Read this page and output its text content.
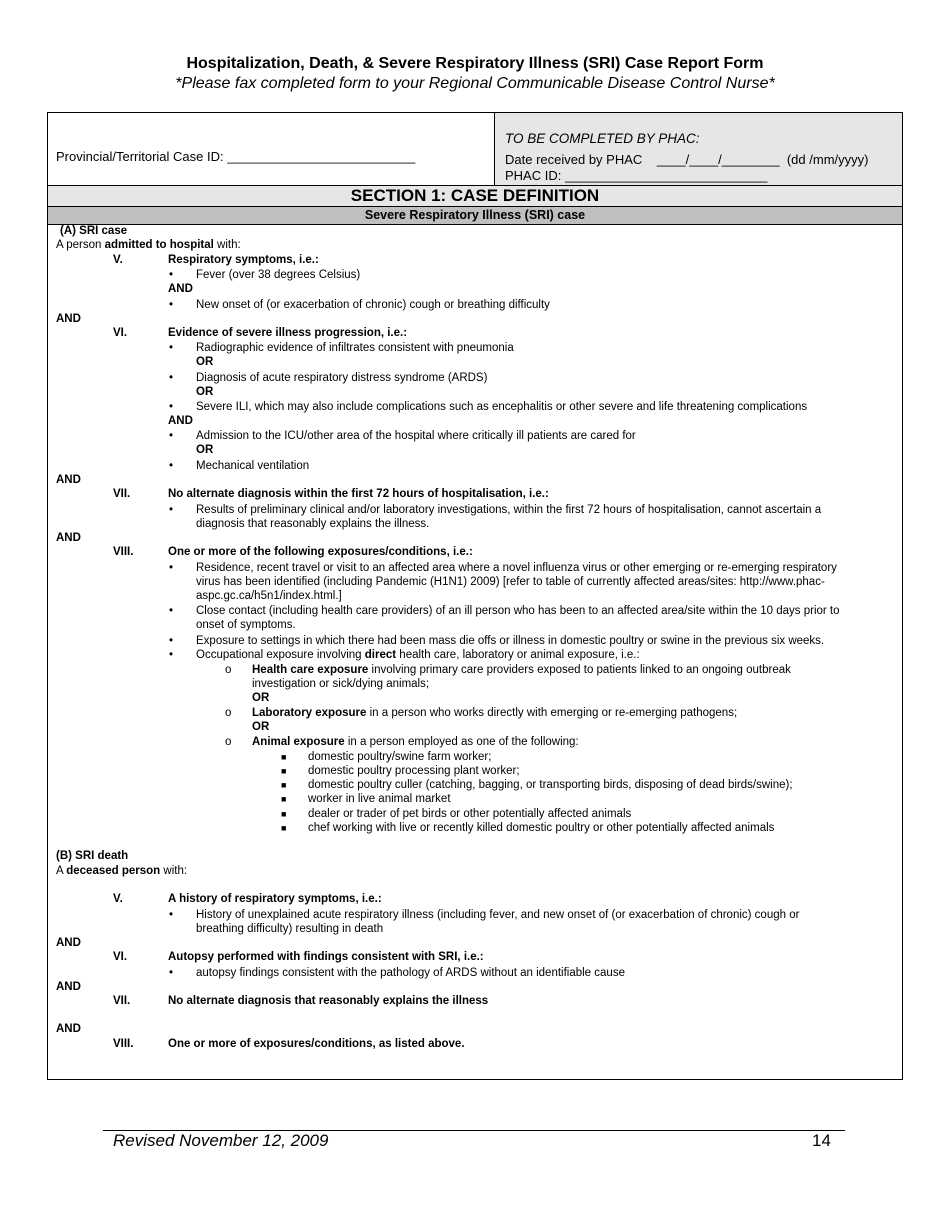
Hospitalization, Death, & Severe Respiratory Illness (SRI) Case Report Form
*Please fax completed form to your Regional Communicable Disease Control Nurse*
Provincial/Territorial Case ID: __________________________
TO BE COMPLETED BY PHAC:
Date received by PHAC    ____/____/________  (dd /mm/yyyy)
PHAC ID: ____________________________
SECTION 1: CASE DEFINITION
Severe Respiratory Illness (SRI) case
(A) SRI case
A person admitted to hospital with:
V.	Respiratory symptoms, i.e.:
• Fever (over 38 degrees Celsius)
AND
• New onset of (or exacerbation of chronic) cough or breathing difficulty
AND
VI.	Evidence of severe illness progression, i.e.:
• Radiographic evidence of infiltrates consistent with pneumonia
OR
• Diagnosis of acute respiratory distress syndrome (ARDS)
OR
• Severe ILI, which may also include complications such as encephalitis or other severe and life threatening complications
AND
• Admission to the ICU/other area of the hospital where critically ill patients are cared for
OR
• Mechanical ventilation
AND
VII.	No alternate diagnosis within the first 72 hours of hospitalisation, i.e.:
• Results of preliminary clinical and/or laboratory investigations, within the first 72 hours of hospitalisation, cannot ascertain a
diagnosis that reasonably explains the illness.
AND
VIII.	One or more of the following exposures/conditions, i.e.:
• Residence, recent travel or visit to an affected area where a novel influenza virus or other emerging or re-emerging respiratory
virus has been identified (including Pandemic (H1N1) 2009) [refer to table of currently affected areas/sites: http://www.phac-
aspc.gc.ca/h5n1/index.html.]
• Close contact (including health care providers) of an ill person who has been to an affected area/site within the 10 days prior to
onset of symptoms.
• Exposure to settings in which there had been mass die offs or illness in domestic poultry or swine in the previous six weeks.
• Occupational exposure involving direct health care, laboratory or animal exposure, i.e.:
o Health care exposure involving primary care providers exposed to patients linked to an ongoing outbreak
investigation or sick/dying animals;
OR
o Laboratory exposure in a person who works directly with emerging or re-emerging pathogens;
OR
o Animal exposure in a person employed as one of the following:
■ domestic poultry/swine farm worker;
■ domestic poultry processing plant worker;
■ domestic poultry culler (catching, bagging, or transporting birds, disposing of dead birds/swine);
■ worker in live animal market
■ dealer or trader of pet birds or other potentially affected animals
■ chef working with live or recently killed domestic poultry or other potentially affected animals
(B) SRI death
A deceased person with:
V.	A history of respiratory symptoms, i.e.:
• History of unexplained acute respiratory illness (including fever, and new onset of (or exacerbation of chronic) cough or
breathing difficulty) resulting in death
AND
VI.	Autopsy performed with findings consistent with SRI, i.e.:
• autopsy findings consistent with the pathology of ARDS without an identifiable cause
AND
VII.	No alternate diagnosis that reasonably explains the illness
AND
VIII.	One or more of exposures/conditions, as listed above.
Revised November 12, 2009	14
